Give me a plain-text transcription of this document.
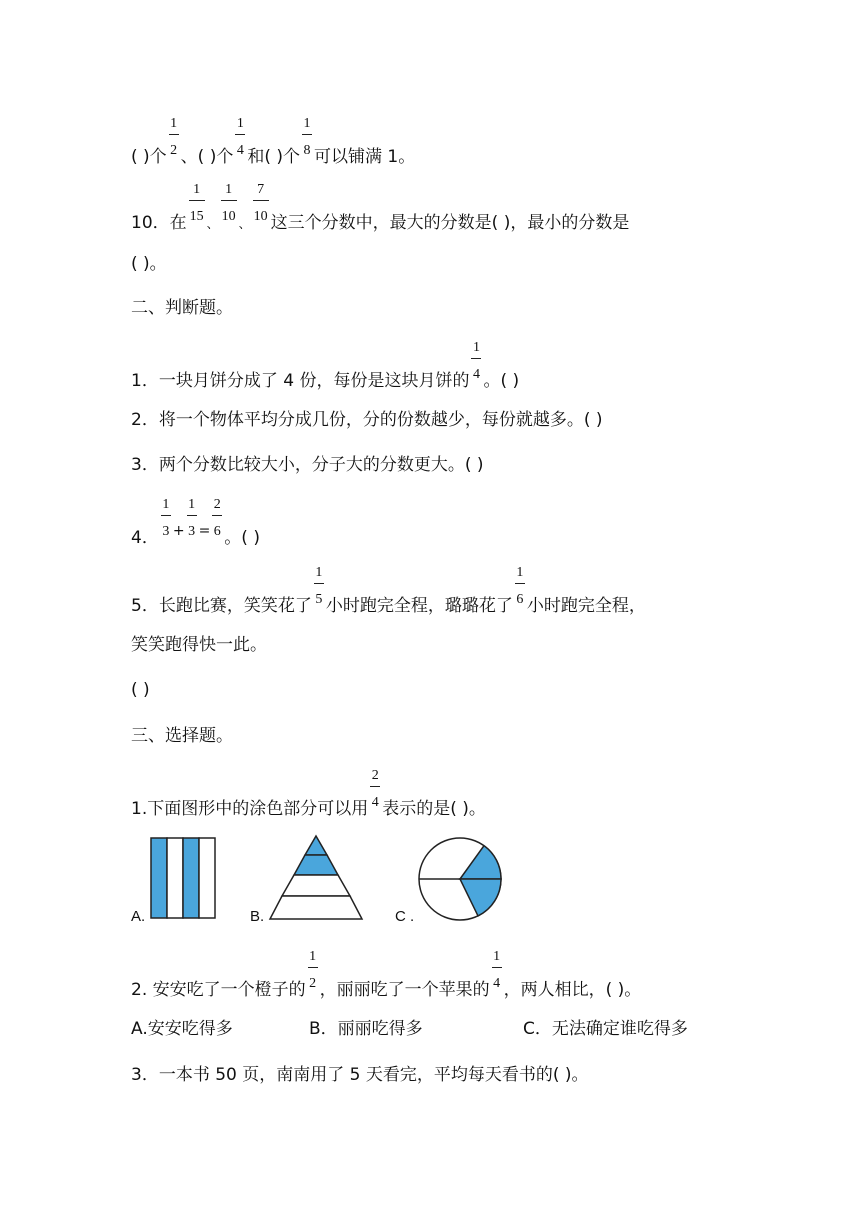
( )个 $\frac{1}{2}$ 、( )个 $\frac{1}{4}$ 和( )个 $\frac{1}{8}$ 可以铺满 1。
10．在 $\frac{1}{15}$ 、 $\frac{1}{10}$ 、 $\frac{7}{10}$ 这三个分数中，最大的分数是( )，最小的分数是
( )。
二、判断题。
1．一块月饼分成了 4 份，每份是这块月饼的 $\frac{1}{4}$ 。( )
2．将一个物体平均分成几份，分的份数越少，每份就越多。( )
3．两个分数比较大小，分子大的分数更大。( )
4． $\frac{1}{3} + \frac{1}{3} = \frac{2}{6}$ 。( )
5．长跑比赛，笑笑花了 $\frac{1}{5}$ 小时跑完全程，璐璐花了 $\frac{1}{6}$ 小时跑完全程，
笑笑跑得快一此。
( )
三、选择题。
1.下面图形中的涂色部分可以用 $\frac{2}{4}$ 表示的是( )。
A.	B.	C .
2. 安安吃了一个橙子的 $\frac{1}{2}$ ，丽丽吃了一个苹果的 $\frac{1}{4}$ ，两人相比，( )。
A.安安吃得多	B．丽丽吃得多	C．无法确定谁吃得多
3．一本书 50 页，南南用了 5 天看完，平均每天看书的( )。
